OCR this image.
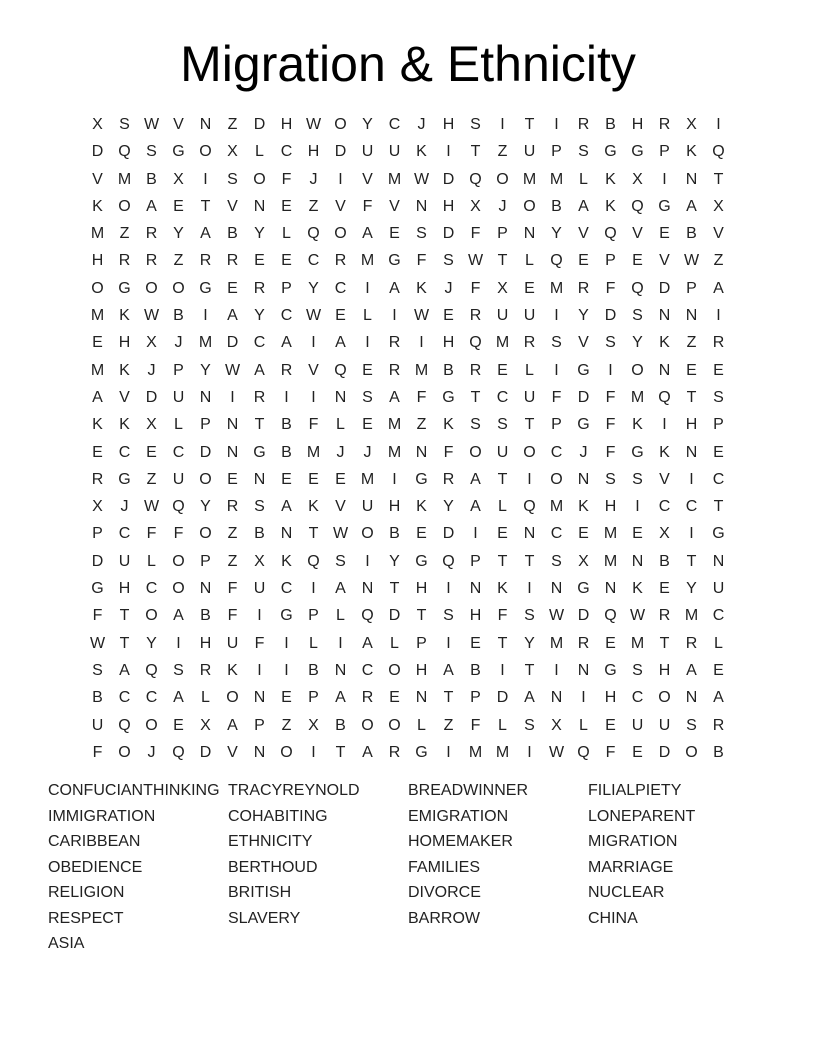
Migration & Ethnicity
X	S W V N	Z	D H W O Y C	J	H S	I	T	I	R B H R X	I
D Q S G O X	L	C H D U U K	I	T	Z	U P	S G G P	K Q
V M B	X	I	S O F	J	I	V M W D Q O M M L	K	X	I	N	T
K O A	E	T	V N E	Z	V	F	V N H X	J	O B	A	K Q G A	X
M Z	R Y	A	B	Y	L	Q O A	E	S D	F	P N Y	V Q V	E	B	V
H R R	Z	R R E	E C R M G F	S W T	L	Q E	P	E	V W Z
O G O O G E R P	Y C	I	A	K	J	F	X	E M R	F Q D P	A
M K W B	I	A	Y C W E	L	I	W E R U U	I	Y D S N N	I
E H X	J	M D C A	I	A	I	R	I	H Q M R S	V	S	Y	K	Z	R
M K	J	P	Y W A R V Q E R M B R E	L	I	G	I	O N E	E
A	V D U N	I	R	I	I	N S	A	F G T	C U	F	D	F M Q T	S
K	K	X	L	P N	T	B	F	L	E M Z	K	S	S	T	P G F	K	I	H P
E C E C D N G B M	J	J	M N	F O U O C	J	F G K N E
R G Z	U O E N E	E	E M	I	G R A	T	I	O N S	S	V	I	C
X	J W Q Y R S	A	K	V U H K	Y	A	L	Q M K H	I	C C	T
P C	F	F O Z	B N	T W O B	E D	I	E N C E M E	X	I	G
D U	L	O P	Z	X	K Q S	I	Y G Q P	T	T	S	X M N B	T	N
G H C O N	F	U C	I	A N	T	H	I	N K	I	N G N K	E	Y U
F	T O A	B	F	I	G P	L	Q D	T	S H	F	S W D Q W R M C
W T	Y	I	H U	F	I	L	I	A	L	P	I	E	T	Y M R E M T	R	L
S	A Q S R K	I	I	B N C O H A	B	I	T	I	N G S H A	E
B C C A	L	O N E	P	A R E N	T	P D A N	I	H C O N A
U Q O E	X	A	P	Z	X	B O O	L	Z	F	L	S	X	L	E U U S R
F O	J	Q D V N O	I	T	A R G	I	M M	I	W Q F	E D O B
CONFUCIANTHINKING TRACYREYNOLD	BREADWINNER	FILIALPIETY
IMMIGRATION	COHABITING	EMIGRATION	LONEPARENT
CARIBBEAN	ETHNICITY	HOMEMAKER	MIGRATION
OBEDIENCE	BERTHOUD	FAMILIES	MARRIAGE
RELIGION	BRITISH	DIVORCE	NUCLEAR
RESPECT	SLAVERY	BARROW	CHINA
ASIA
